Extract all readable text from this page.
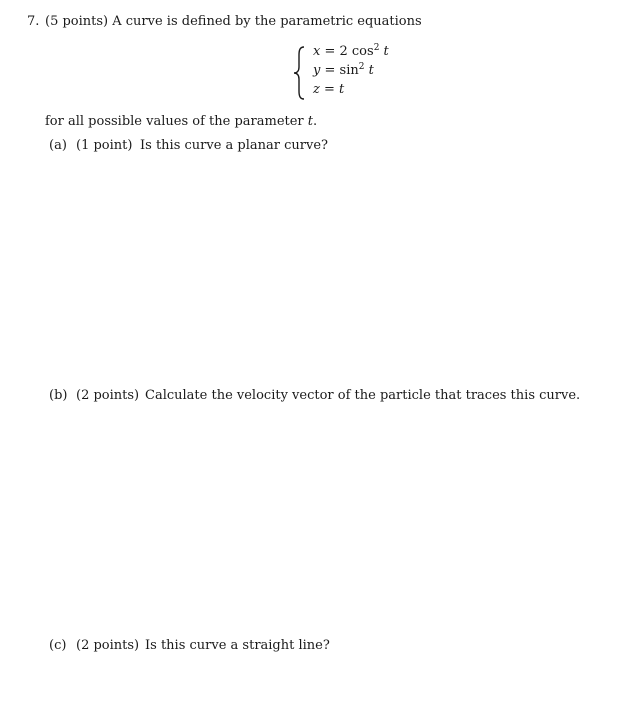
7. (5 points) A curve is defined by the parametric equations
x = 2 $\cos^2 t$
$y = \sin^2 t$
z = t
for all possible values of the parameter t.
(a) (1 point) Is this curve a planar curve?
(b) (2 points) Calculate the velocity vector of the particle that traces this curve.
(c) (2 points) Is this curve a straight line?
